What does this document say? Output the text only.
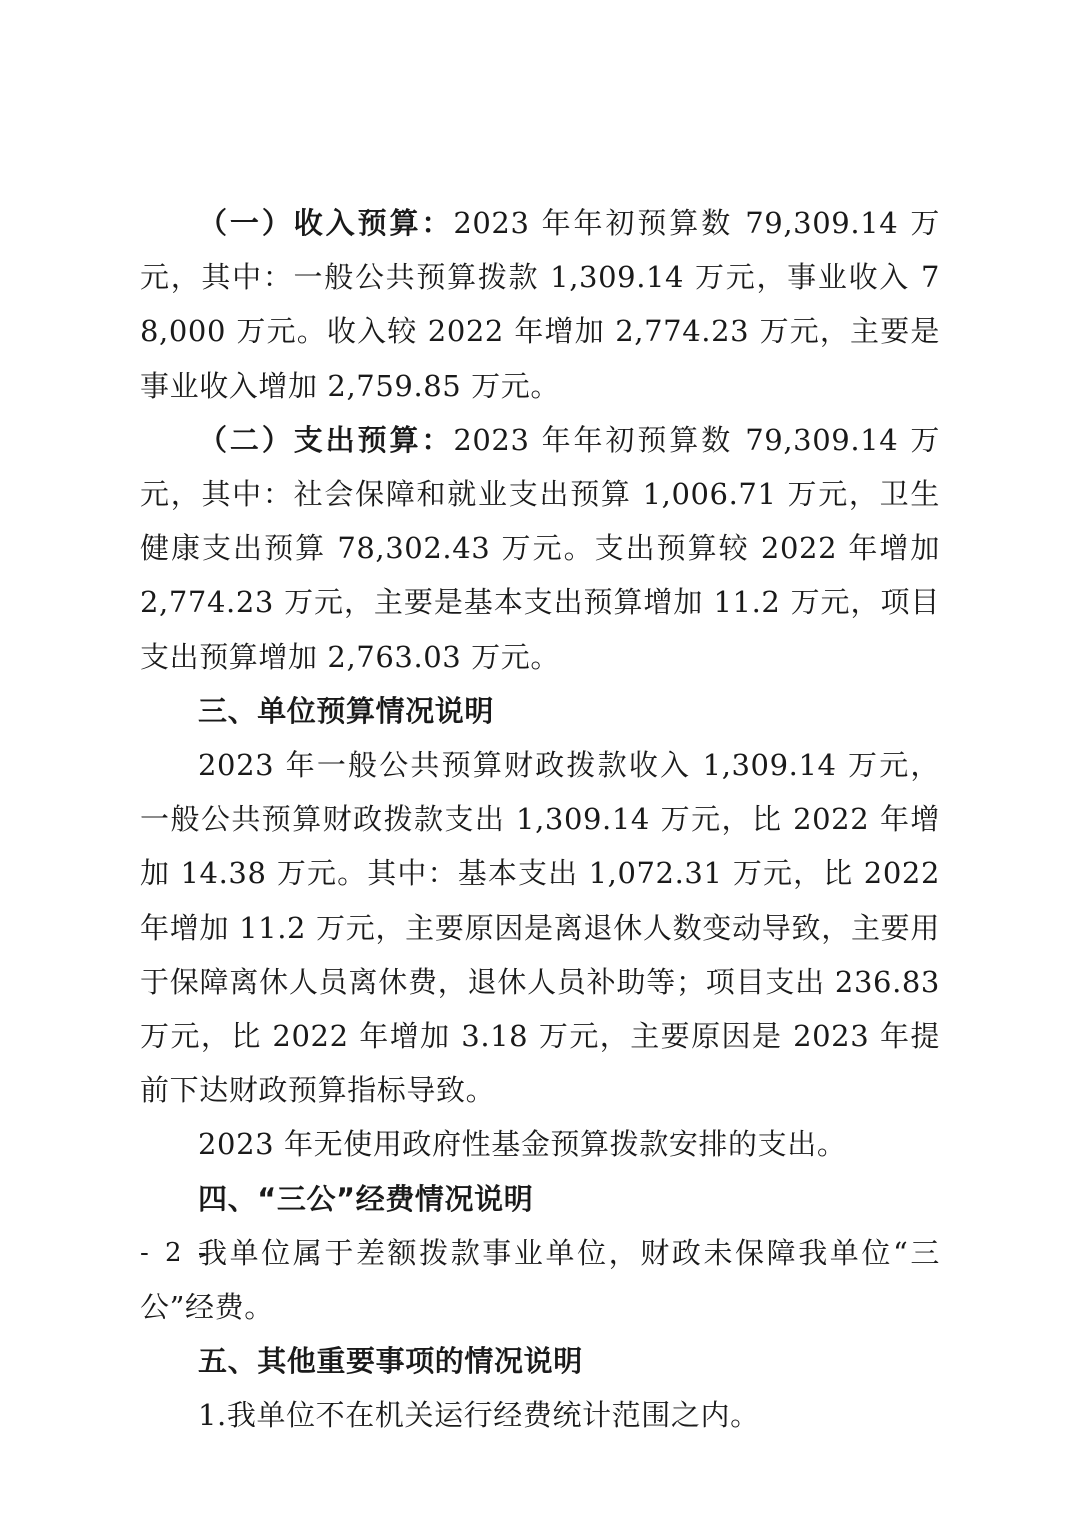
（一）收入预算：2023 年年初预算数 79,309.14 万元，其中：一般公共预算拨款 1,309.14 万元，事业收入 78,000 万元。收入较 2022 年增加 2,774.23 万元，主要是事业收入增加 2,759.85 万元。

（二）支出预算：2023 年年初预算数 79,309.14 万元，其中：社会保障和就业支出预算 1,006.71 万元，卫生健康支出预算 78,302.43 万元。支出预算较 2022 年增加 2,774.23 万元，主要是基本支出预算增加 11.2 万元，项目支出预算增加 2,763.03 万元。

三、单位预算情况说明

2023 年一般公共预算财政拨款收入 1,309.14 万元，一般公共预算财政拨款支出 1,309.14 万元，比 2022 年增加 14.38 万元。其中：基本支出 1,072.31 万元，比 2022 年增加 11.2 万元，主要原因是离退休人数变动导致，主要用于保障离休人员离休费，退休人员补助等；项目支出 236.83 万元，比 2022 年增加 3.18 万元，主要原因是 2023 年提前下达财政预算指标导致。

2023 年无使用政府性基金预算拨款安排的支出。

四、“三公”经费情况说明

我单位属于差额拨款事业单位，财政未保障我单位“三公”经费。

五、其他重要事项的情况说明

1.我单位不在机关运行经费统计范围之内。

- 2 -
